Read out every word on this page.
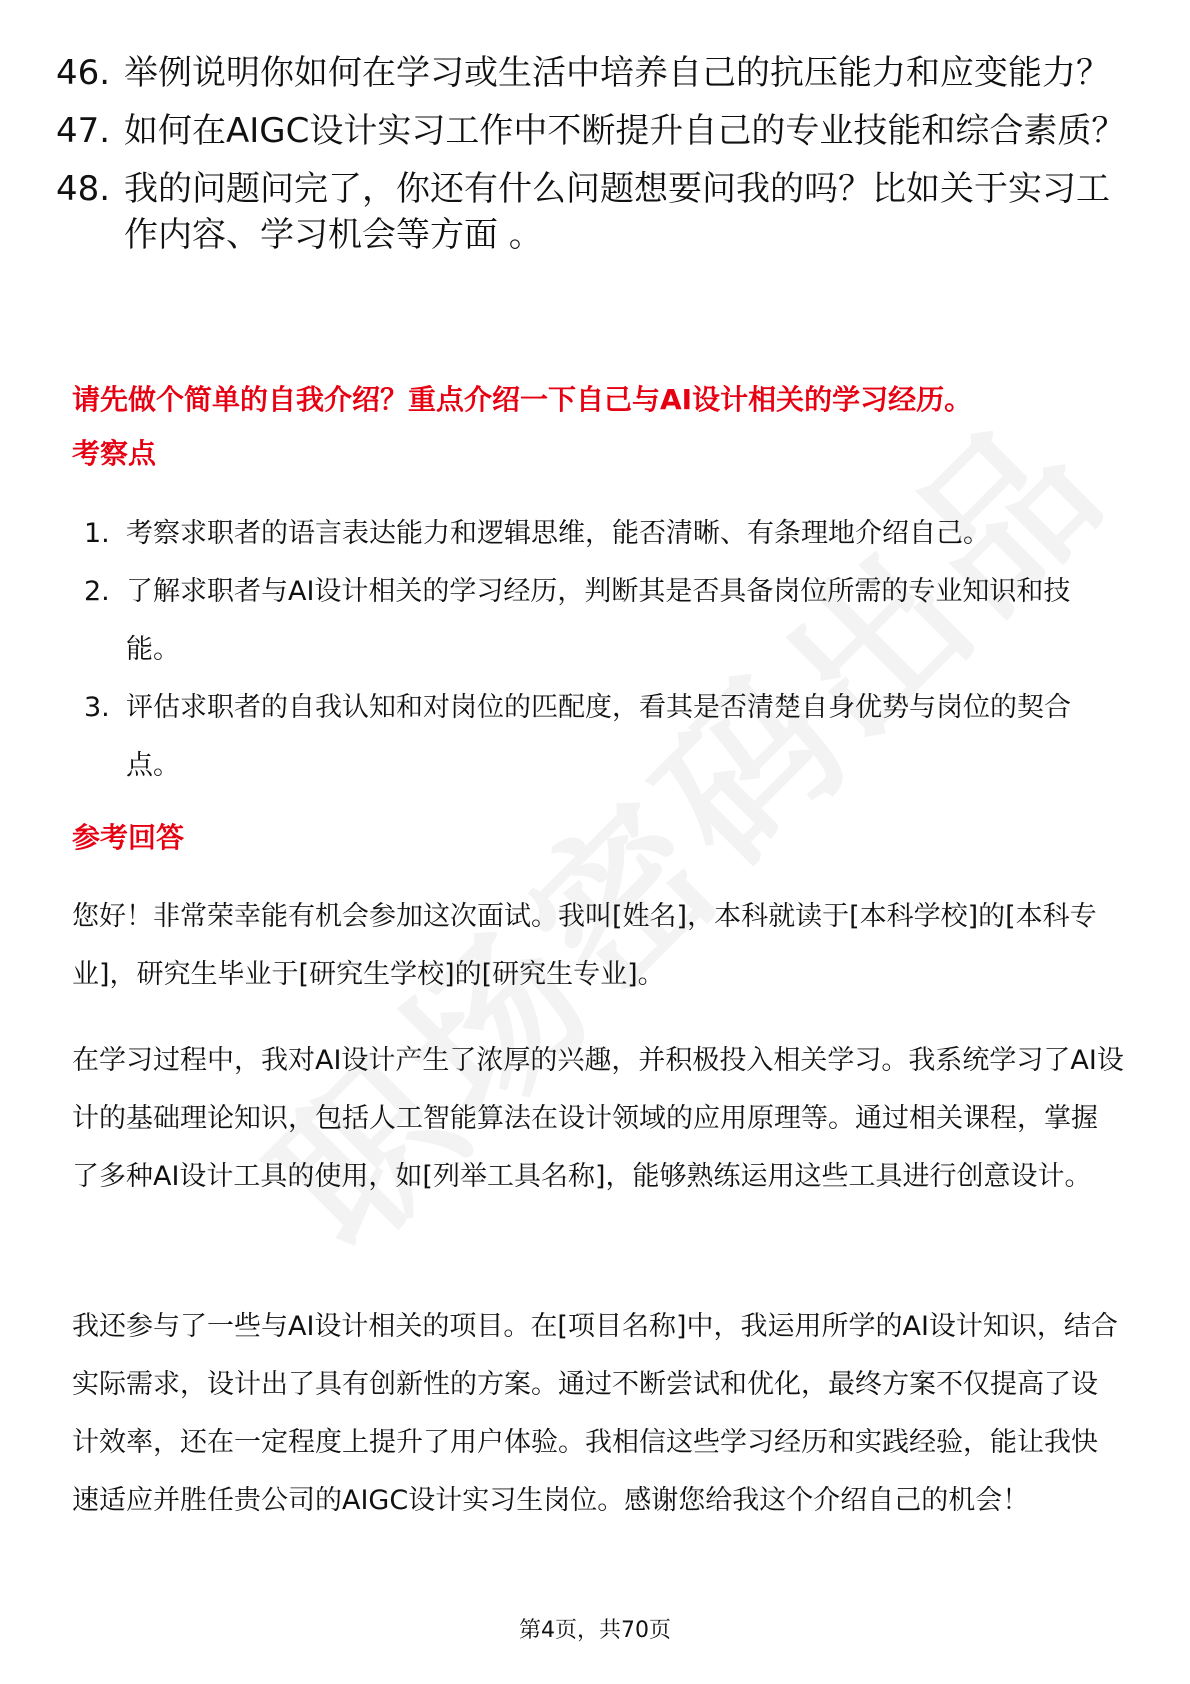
46. 举例说明你如何在学习或生活中培养自己的抗压能力和应变能力？
47. 如何在AIGC设计实习工作中不断提升自己的专业技能和综合素质？
48. 我的问题问完了，你还有什么问题想要问我的吗？比如关于实习工作内容、学习机会等方面 。
请先做个简单的自我介绍？重点介绍一下自己与AI设计相关的学习经历。
考察点
1. 考察求职者的语言表达能力和逻辑思维，能否清晰、有条理地介绍自己。
2. 了解求职者与AI设计相关的学习经历，判断其是否具备岗位所需的专业知识和技能。
3. 评估求职者的自我认知和对岗位的匹配度，看其是否清楚自身优势与岗位的契合点。
参考回答

您好！非常荣幸能有机会参加这次面试。我叫[姓名]，本科就读于[本科学校]的[本科专业]，研究生毕业于[研究生学校]的[研究生专业]。

在学习过程中，我对AI设计产生了浓厚的兴趣，并积极投入相关学习。我系统学习了AI设计的基础理论知识，包括人工智能算法在设计领域的应用原理等。通过相关课程，掌握了多种AI设计工具的使用，如[列举工具名称]，能够熟练运用这些工具进行创意设计。

我还参与了一些与AI设计相关的项目。在[项目名称]中，我运用所学的AI设计知识，结合实际需求，设计出了具有创新性的方案。通过不断尝试和优化，最终方案不仅提高了设计效率，还在一定程度上提升了用户体验。我相信这些学习经历和实践经验，能让我快速适应并胜任贵公司的AIGC设计实习生岗位。感谢您给我这个介绍自己的机会！

第4页，共70页
